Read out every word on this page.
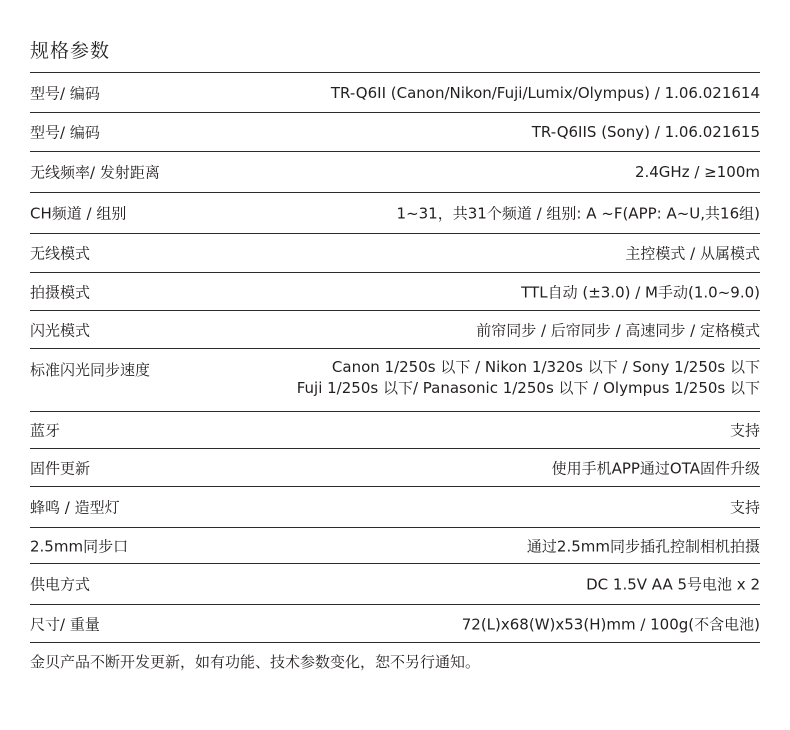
规格参数
型号/ 编码	TR-Q6II (Canon/Nikon/Fuji/Lumix/Olympus) / 1.06.021614
型号/ 编码	TR-Q6IIS (Sony) / 1.06.021615
无线频率/ 发射距离	2.4GHz / ≥100m
CH频道 / 组别	1~31，共31个频道 / 组别: A ~F(APP: A~U,共16组)
无线模式	主控模式 / 从属模式
拍摄模式	TTL自动 (±3.0) / M手动(1.0~9.0)
闪光模式	前帘同步 / 后帘同步 / 高速同步 / 定格模式
标准闪光同步速度	Canon 1/250s 以下 / Nikon 1/320s 以下 / Sony 1/250s 以下
Fuji 1/250s 以下/ Panasonic 1/250s 以下 / Olympus 1/250s 以下
蓝牙	支持
固件更新	使用手机APP通过OTA固件升级
蜂鸣 / 造型灯	支持
2.5mm同步口	通过2.5mm同步插孔控制相机拍摄
供电方式	DC 1.5V AA 5号电池 x 2
尺寸/ 重量	72(L)x68(W)x53(H)mm / 100g(不含电池)
金贝产品不断开发更新，如有功能、技术参数变化，恕不另行通知。
